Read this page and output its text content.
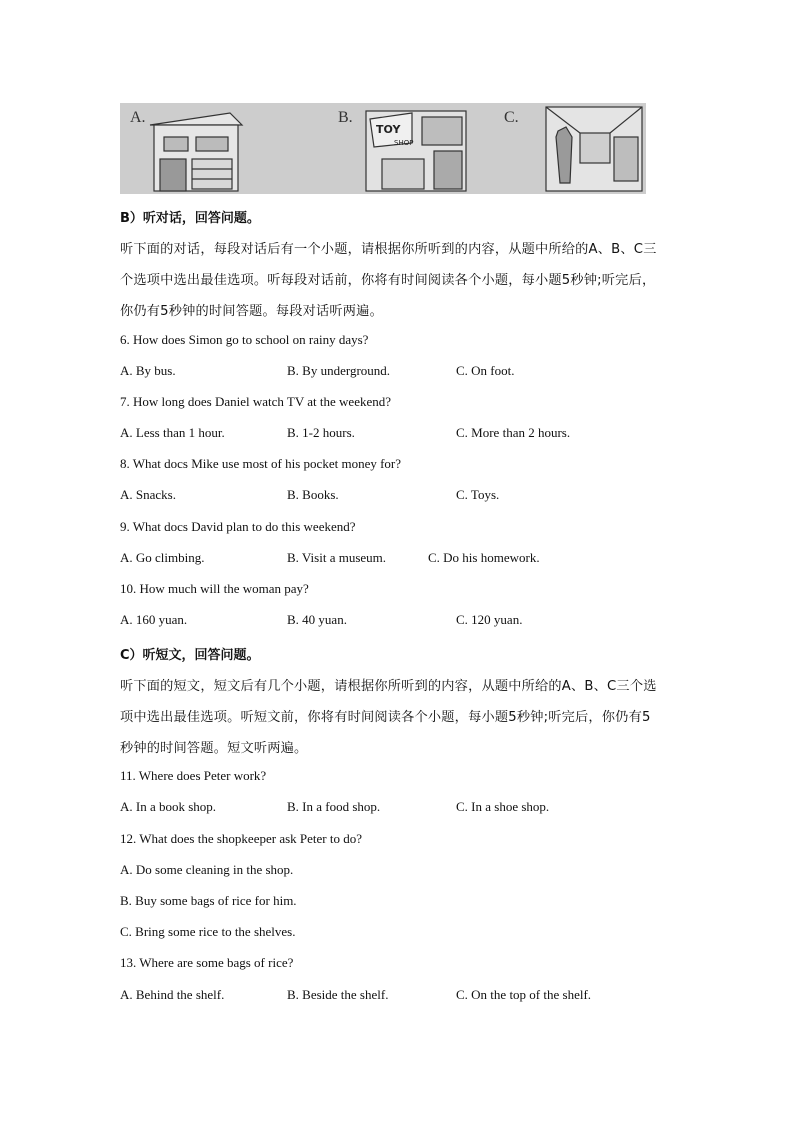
A.	B.
TOY
SHOP
C.
B）听对话，回答问题。
听下面的对话，每段对话后有一个小题，请根据你所听到的内容，从题中所给的A、B、C三
个选项中选出最佳选项。听每段对话前，你将有时间阅读各个小题，每小题5秒钟;听完后，
你仍有5秒钟的时间答题。每段对话听两遍。
6. How does Simon go to school on rainy days?
A. By bus.	B. By underground.	C. On foot.
7. How long does Daniel watch TV at the weekend?
A. Less than 1 hour.	B. 1-2 hours.	C. More than 2 hours.
8. What docs Mike use most of his pocket money for?
A. Snacks.	B. Books.	C. Toys.
9. What docs David plan to do this weekend?
A. Go climbing.	B. Visit a museum.	C. Do his homework.
10. How much will the woman pay?
A. 160 yuan.	B. 40 yuan.	C. 120 yuan.
C）听短文，回答问题。
听下面的短文，短文后有几个小题，请根据你所听到的内容，从题中所给的A、B、C三个选
项中选出最佳选项。听短文前，你将有时间阅读各个小题，每小题5秒钟;听完后，你仍有5
秒钟的时间答题。短文听两遍。
11. Where does Peter work?
A. In a book shop.	B. In a food shop.	C. In a shoe shop.
12. What does the shopkeeper ask Peter to do?
A. Do some cleaning in the shop.
B. Buy some bags of rice for him.
C. Bring some rice to the shelves.
13. Where are some bags of rice?
A. Behind the shelf.	B. Beside the shelf.	C. On the top of the shelf.
